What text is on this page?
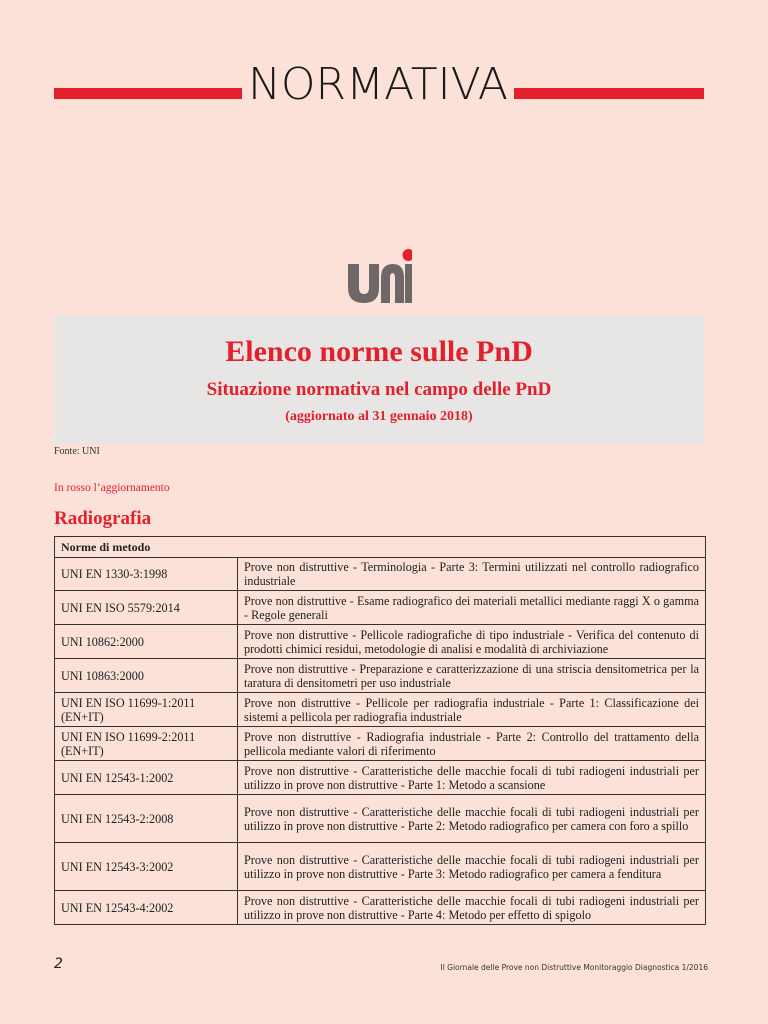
NORMATIVA
Elenco norme sulle PnD
Situazione normativa nel campo delle PnD
(aggiornato al 31 gennaio 2018)
Fonte: UNI
In rosso l’aggiornamento
Radiografia
Norme di metodo	
UNI EN 1330-3:1998	Prove non distruttive - Terminologia - Parte 3: Termini utilizzati nel controllo radiografico industriale
UNI EN ISO 5579:2014	Prove non distruttive - Esame radiografico dei materiali metallici mediante raggi X o gamma - Regole generali
UNI 10862:2000	Prove non distruttive - Pellicole radiografiche di tipo industriale - Verifica del contenuto di prodotti chimici residui, metodologie di analisi e modalità di archiviazione
UNI 10863:2000	Prove non distruttive - Preparazione e caratterizzazione di una striscia densitometrica per la taratura di densitometri per uso industriale
UNI EN ISO 11699-1:2011 (EN+IT)	Prove non distruttive - Pellicole per radiografia industriale - Parte 1: Classificazione dei sistemi a pellicola per radiografia industriale
UNI EN ISO 11699-2:2011 (EN+IT)	Prove non distruttive - Radiografia industriale - Parte 2: Controllo del trattamento della pellicola mediante valori di riferimento
UNI EN 12543-1:2002	Prove non distruttive - Caratteristiche delle macchie focali di tubi radiogeni industriali per utilizzo in prove non distruttive - Parte 1: Metodo a scansione
UNI EN 12543-2:2008	Prove non distruttive - Caratteristiche delle macchie focali di tubi radiogeni industriali per utilizzo in prove non distruttive - Parte 2: Metodo radiografico per camera con foro a spillo
UNI EN 12543-3:2002	Prove non distruttive - Caratteristiche delle macchie focali di tubi radiogeni industriali per utilizzo in prove non distruttive - Parte 3: Metodo radiografico per camera a fenditura
UNI EN 12543-4:2002	Prove non distruttive - Caratteristiche delle macchie focali di tubi radiogeni industriali per utilizzo in prove non distruttive - Parte 4: Metodo per effetto di spigolo
2	Il Giornale delle Prove non Distruttive Monitoraggio Diagnostica 1/2016
